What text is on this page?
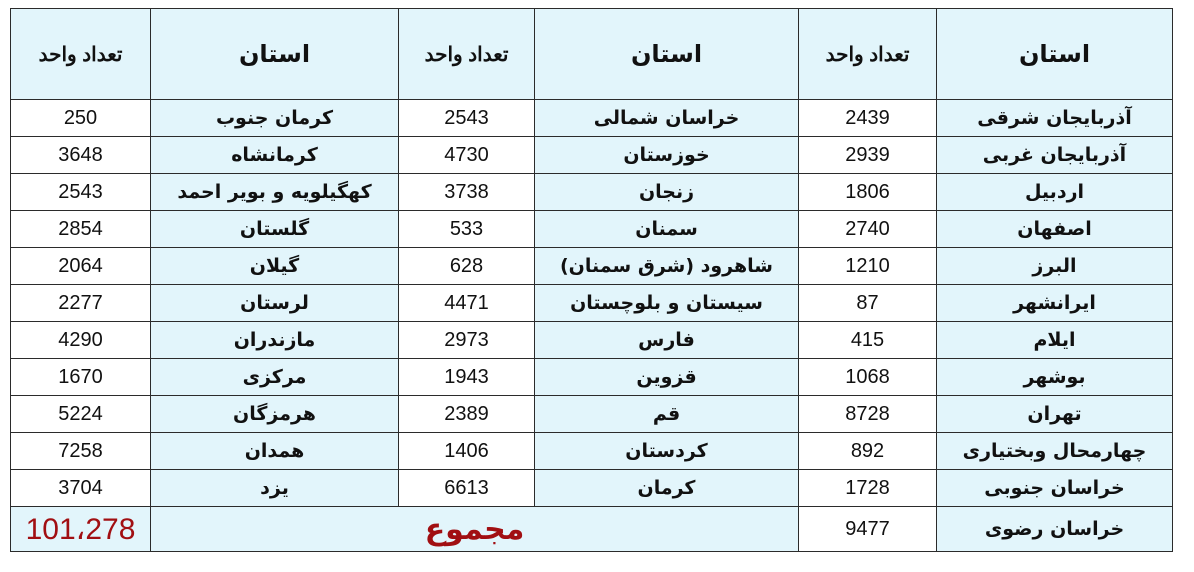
تعداد واحد	استان	تعداد واحد	استان	تعداد واحد	استان
250	کرمان جنوب	2543	خراسان شمالی	2439	آذربایجان شرقی
3648	کرمانشاه	4730	خوزستان	2939	آذربایجان غربی
2543	کهگیلویه و بویر احمد	3738	زنجان	1806	اردبیل
2854	گلستان	533	سمنان	2740	اصفهان
2064	گیلان	628	شاهرود (شرق سمنان)	1210	البرز
2277	لرستان	4471	سیستان و بلوچستان	87	ایرانشهر
4290	مازندران	2973	فارس	415	ایلام
1670	مرکزی	1943	قزوین	1068	بوشهر
5224	هرمزگان	2389	قم	8728	تهران
7258	همدان	1406	کردستان	892	چهارمحال وبختیاری
3704	یزد	6613	کرمان	1728	خراسان جنوبی
101،278	مجموع			9477	خراسان رضوی
